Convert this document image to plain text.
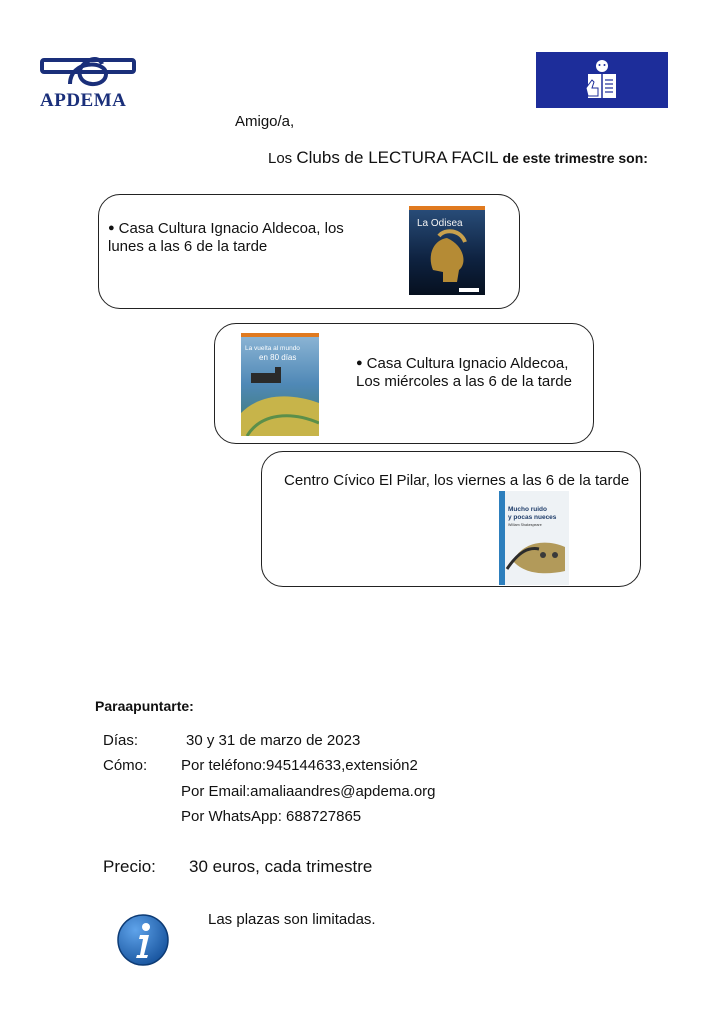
APDEMA
Amigo/a,
Los Clubs de LECTURA FACIL de este trimestre son:
● Casa Cultura Ignacio Aldecoa, los lunes a las 6 de la tarde
La Odisea
La vuelta al mundo
en 80 días	● Casa Cultura Ignacio Aldecoa, Los miércoles a las 6 de la tarde
Centro Cívico El Pilar, los viernes a las 6 de la tarde
Mucho ruido
y pocas nueces
William Shakespeare
Paraapuntarte:
Días:	30 y 31 de marzo de 2023
Cómo: Por teléfono:945144633,extensión2
Por Email:amaliaandres@apdema.org
Por WhatsApp: 688727865
Precio: 30 euros, cada trimestre
Las plazas son limitadas.
